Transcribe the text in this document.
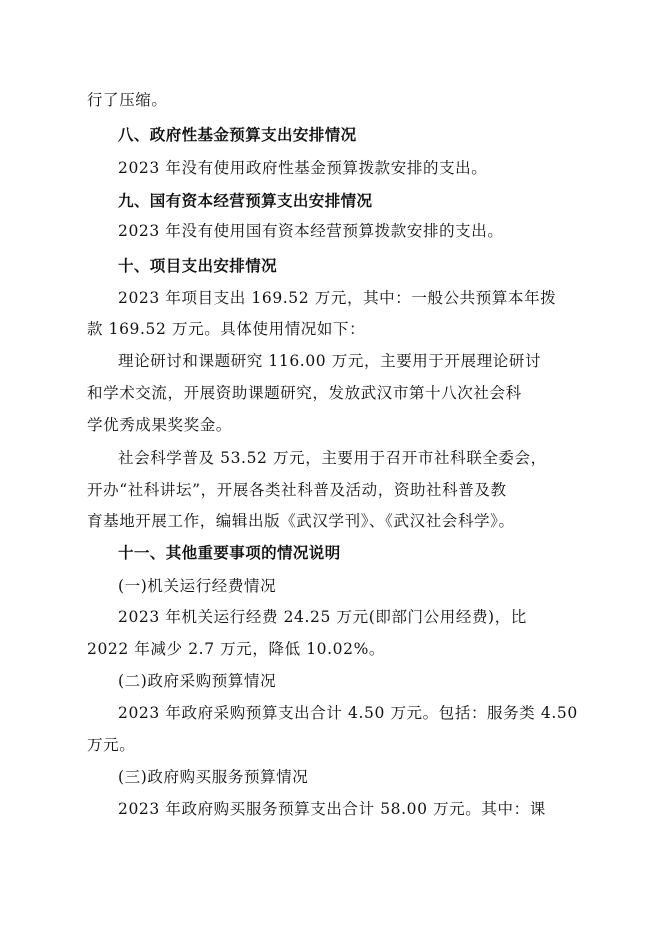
行了压缩。
八、政府性基金预算支出安排情况
2023 年没有使用政府性基金预算拨款安排的支出。
九、国有资本经营预算支出安排情况
2023 年没有使用国有资本经营预算拨款安排的支出。
十、项目支出安排情况
2023 年项目支出 169.52 万元，其中：一般公共预算本年拨
款 169.52 万元。具体使用情况如下：
理论研讨和课题研究 116.00 万元，主要用于开展理论研讨
和学术交流，开展资助课题研究，发放武汉市第十八次社会科
学优秀成果奖奖金。
社会科学普及 53.52 万元，主要用于召开市社科联全委会，
开办“社科讲坛”，开展各类社科普及活动，资助社科普及教
育基地开展工作，编辑出版《武汉学刊》、《武汉社会科学》。
十一、其他重要事项的情况说明
(一)机关运行经费情况
2023 年机关运行经费 24.25 万元(即部门公用经费)，比
2022 年减少 2.7 万元，降低 10.02%。
(二)政府采购预算情况
2023 年政府采购预算支出合计 4.50 万元。包括：服务类 4.50
万元。
(三)政府购买服务预算情况
2023 年政府购买服务预算支出合计 58.00 万元。其中：课
